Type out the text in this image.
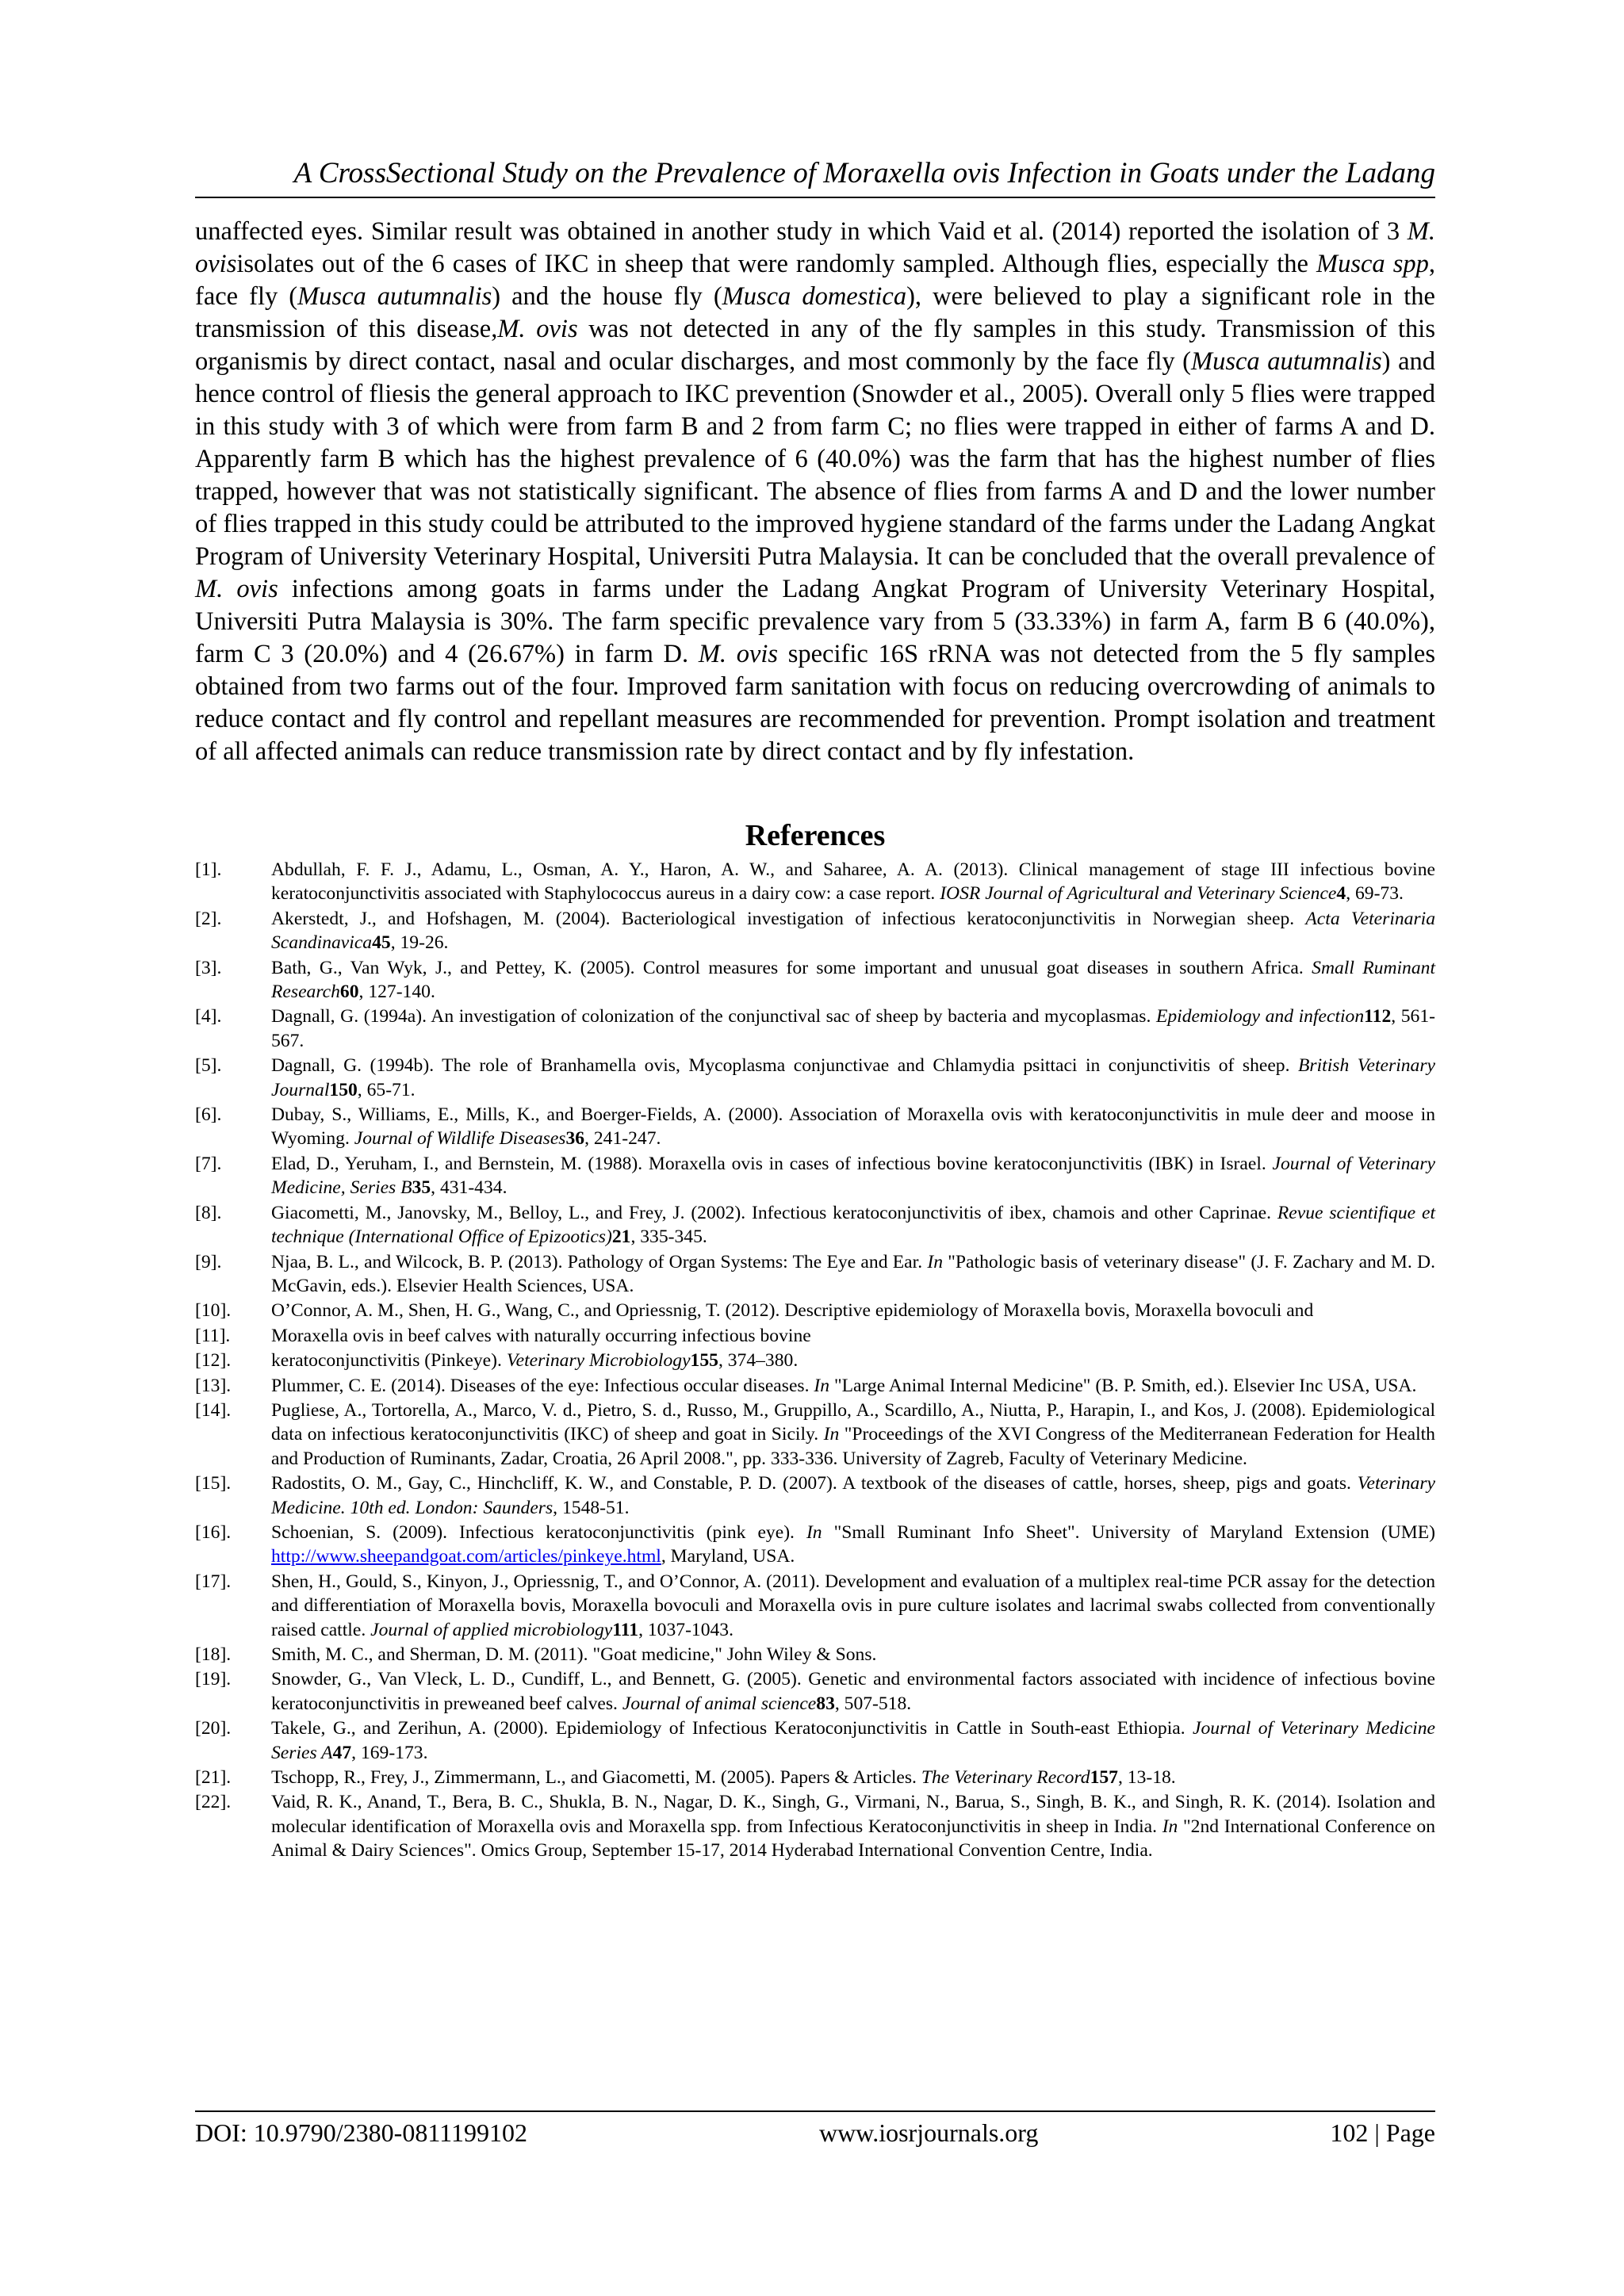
A CrossSectional Study on the Prevalence of Moraxella ovis Infection in Goats under the Ladang
unaffected eyes. Similar result was obtained in another study in which Vaid et al. (2014) reported the isolation of 3 M. ovisisolates out of the 6 cases of IKC in sheep that were randomly sampled. Although flies, especially the Musca spp, face fly (Musca autumnalis) and the house fly (Musca domestica), were believed to play a significant role in the transmission of this disease,M. ovis was not detected in any of the fly samples in this study. Transmission of this organismis by direct contact, nasal and ocular discharges, and most commonly by the face fly (Musca autumnalis) and hence control of fliesis the general approach to IKC prevention (Snowder et al., 2005). Overall only 5 flies were trapped in this study with 3 of which were from farm B and 2 from farm C; no flies were trapped in either of farms A and D. Apparently farm B which has the highest prevalence of 6 (40.0%) was the farm that has the highest number of flies trapped, however that was not statistically significant. The absence of flies from farms A and D and the lower number of flies trapped in this study could be attributed to the improved hygiene standard of the farms under the Ladang Angkat Program of University Veterinary Hospital, Universiti Putra Malaysia. It can be concluded that the overall prevalence of M. ovis infections among goats in farms under the Ladang Angkat Program of University Veterinary Hospital, Universiti Putra Malaysia is 30%. The farm specific prevalence vary from 5 (33.33%) in farm A, farm B 6 (40.0%), farm C 3 (20.0%) and 4 (26.67%) in farm D. M. ovis specific 16S rRNA was not detected from the 5 fly samples obtained from two farms out of the four. Improved farm sanitation with focus on reducing overcrowding of animals to reduce contact and fly control and repellant measures are recommended for prevention. Prompt isolation and treatment of all affected animals can reduce transmission rate by direct contact and by fly infestation.
References
[1].	Abdullah, F. F. J., Adamu, L., Osman, A. Y., Haron, A. W., and Saharee, A. A. (2013). Clinical management of stage III infectious bovine keratoconjunctivitis associated with Staphylococcus aureus in a dairy cow: a case report. IOSR Journal of Agricultural and Veterinary Science4, 69-73.
[2].	Akerstedt, J., and Hofshagen, M. (2004). Bacteriological investigation of infectious keratoconjunctivitis in Norwegian sheep. Acta Veterinaria Scandinavica45, 19-26.
[3].	Bath, G., Van Wyk, J., and Pettey, K. (2005). Control measures for some important and unusual goat diseases in southern Africa. Small Ruminant Research60, 127-140.
[4].	Dagnall, G. (1994a). An investigation of colonization of the conjunctival sac of sheep by bacteria and mycoplasmas. Epidemiology and infection112, 561-567.
[5].	Dagnall, G. (1994b). The role of Branhamella ovis, Mycoplasma conjunctivae and Chlamydia psittaci in conjunctivitis of sheep. British Veterinary Journal150, 65-71.
[6].	Dubay, S., Williams, E., Mills, K., and Boerger-Fields, A. (2000). Association of Moraxella ovis with keratoconjunctivitis in mule deer and moose in Wyoming. Journal of Wildlife Diseases36, 241-247.
[7].	Elad, D., Yeruham, I., and Bernstein, M. (1988). Moraxella ovis in cases of infectious bovine keratoconjunctivitis (IBK) in Israel. Journal of Veterinary Medicine, Series B35, 431-434.
[8].	Giacometti, M., Janovsky, M., Belloy, L., and Frey, J. (2002). Infectious keratoconjunctivitis of ibex, chamois and other Caprinae. Revue scientifique et technique (International Office of Epizootics)21, 335-345.
[9].	Njaa, B. L., and Wilcock, B. P. (2013). Pathology of Organ Systems: The Eye and Ear. In "Pathologic basis of veterinary disease" (J. F. Zachary and M. D. McGavin, eds.). Elsevier Health Sciences, USA.
[10].	O’Connor, A. M., Shen, H. G., Wang, C., and Opriessnig, T. (2012). Descriptive epidemiology of Moraxella bovis, Moraxella bovoculi and
[11].	Moraxella ovis in beef calves with naturally occurring infectious bovine
[12].	keratoconjunctivitis (Pinkeye). Veterinary Microbiology155, 374–380.
[13].	Plummer, C. E. (2014). Diseases of the eye: Infectious occular diseases. In "Large Animal Internal Medicine" (B. P. Smith, ed.). Elsevier Inc USA, USA.
[14].	Pugliese, A., Tortorella, A., Marco, V. d., Pietro, S. d., Russo, M., Gruppillo, A., Scardillo, A., Niutta, P., Harapin, I., and Kos, J. (2008). Epidemiological data on infectious keratoconjunctivitis (IKC) of sheep and goat in Sicily. In "Proceedings of the XVI Congress of the Mediterranean Federation for Health and Production of Ruminants, Zadar, Croatia, 26 April 2008.", pp. 333-336. University of Zagreb, Faculty of Veterinary Medicine.
[15].	Radostits, O. M., Gay, C., Hinchcliff, K. W., and Constable, P. D. (2007). A textbook of the diseases of cattle, horses, sheep, pigs and goats. Veterinary Medicine. 10th ed. London: Saunders, 1548-51.
[16].	Schoenian, S. (2009). Infectious keratoconjunctivitis (pink eye). In "Small Ruminant Info Sheet". University of Maryland Extension (UME) http://www.sheepandgoat.com/articles/pinkeye.html, Maryland, USA.
[17].	Shen, H., Gould, S., Kinyon, J., Opriessnig, T., and O’Connor, A. (2011). Development and evaluation of a multiplex real-time PCR assay for the detection and differentiation of Moraxella bovis, Moraxella bovoculi and Moraxella ovis in pure culture isolates and lacrimal swabs collected from conventionally raised cattle. Journal of applied microbiology111, 1037-1043.
[18].	Smith, M. C., and Sherman, D. M. (2011). "Goat medicine," John Wiley & Sons.
[19].	Snowder, G., Van Vleck, L. D., Cundiff, L., and Bennett, G. (2005). Genetic and environmental factors associated with incidence of infectious bovine keratoconjunctivitis in preweaned beef calves. Journal of animal science83, 507-518.
[20].	Takele, G., and Zerihun, A. (2000). Epidemiology of Infectious Keratoconjunctivitis in Cattle in South-east Ethiopia. Journal of Veterinary Medicine Series A47, 169-173.
[21].	Tschopp, R., Frey, J., Zimmermann, L., and Giacometti, M. (2005). Papers & Articles. The Veterinary Record157, 13-18.
[22].	Vaid, R. K., Anand, T., Bera, B. C., Shukla, B. N., Nagar, D. K., Singh, G., Virmani, N., Barua, S., Singh, B. K., and Singh, R. K. (2014). Isolation and molecular identification of Moraxella ovis and Moraxella spp. from Infectious Keratoconjunctivitis in sheep in India. In "2nd International Conference on Animal & Dairy Sciences". Omics Group, September 15-17, 2014 Hyderabad International Convention Centre, India.
DOI: 10.9790/2380-0811199102	www.iosrjournals.org	102 | Page
